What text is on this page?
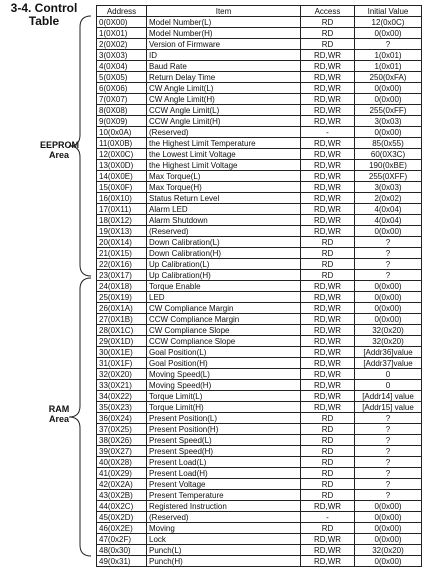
3-4. Control
Table
EEPROM
Area
RAM
Area
Address	Item	Access	Initial Value
0(0X00)	Model Number(L)	RD	12(0x0C)
1(0X01)	Model Number(H)	RD	0(0x00)
2(0X02)	Version of Firmware	RD	?
3(0X03)	ID	RD,WR	1(0x01)
4(0X04)	Baud Rate	RD,WR	1(0x01)
5(0X05)	Return Delay Time	RD,WR	250(0xFA)
6(0X06)	CW Angle Limit(L)	RD,WR	0(0x00)
7(0X07)	CW Angle Limit(H)	RD,WR	0(0x00)
8(0X08)	CCW Angle Limit(L)	RD,WR	255(0xFF)
9(0X09)	CCW Angle Limit(H)	RD,WR	3(0x03)
10(0x0A)	(Reserved)	-	0(0x00)
11(0X0B)	the Highest Limit Temperature	RD,WR	85(0x55)
12(0X0C)	the Lowest Limit Voltage	RD,WR	60(0X3C)
13(0X0D)	the Highest Limit Voltage	RD,WR	190(0xBE)
14(0X0E)	Max Torque(L)	RD,WR	255(0XFF)
15(0X0F)	Max Torque(H)	RD,WR	3(0x03)
16(0X10)	Status Return Level	RD,WR	2(0x02)
17(0X11)	Alarm LED	RD,WR	4(0x04)
18(0X12)	Alarm Shutdown	RD,WR	4(0x04)
19(0X13)	(Reserved)	RD,WR	0(0x00)
20(0X14)	Down Calibration(L)	RD	?
21(0X15)	Down Calibration(H)	RD	?
22(0X16)	Up Calibration(L)	RD	?
23(0X17)	Up Calibration(H)	RD	?
24(0X18)	Torque Enable	RD,WR	0(0x00)
25(0X19)	LED	RD,WR	0(0x00)
26(0X1A)	CW Compliance Margin	RD,WR	0(0x00)
27(0X1B)	CCW Compliance Margin	RD,WR	0(0x00)
28(0X1C)	CW Compliance Slope	RD,WR	32(0x20)
29(0X1D)	CCW Compliance Slope	RD,WR	32(0x20)
30(0X1E)	Goal Position(L)	RD,WR	[Addr36]value
31(0X1F)	Goal Position(H)	RD,WR	[Addr37]value
32(0X20)	Moving Speed(L)	RD,WR	0
33(0X21)	Moving Speed(H)	RD,WR	0
34(0X22)	Torque Limit(L)	RD,WR	[Addr14] value
35(0X23)	Torque Limit(H)	RD,WR	[Addr15] value
36(0X24)	Present Position(L)	RD	?
37(0X25)	Present Position(H)	RD	?
38(0X26)	Present Speed(L)	RD	?
39(0X27)	Present Speed(H)	RD	?
40(0X28)	Present Load(L)	RD	?
41(0X29)	Present Load(H)	RD	?
42(0X2A)	Present Voltage	RD	?
43(0X2B)	Present Temperature	RD	?
44(0X2C)	Registered Instruction	RD,WR	0(0x00)
45(0X2D)	(Reserved)	-	0(0x00)
46(0X2E)	Moving	RD	0(0x00)
47(0x2F)	Lock	RD,WR	0(0x00)
48(0x30)	Punch(L)	RD,WR	32(0x20)
49(0x31)	Punch(H)	RD,WR	0(0x00)
